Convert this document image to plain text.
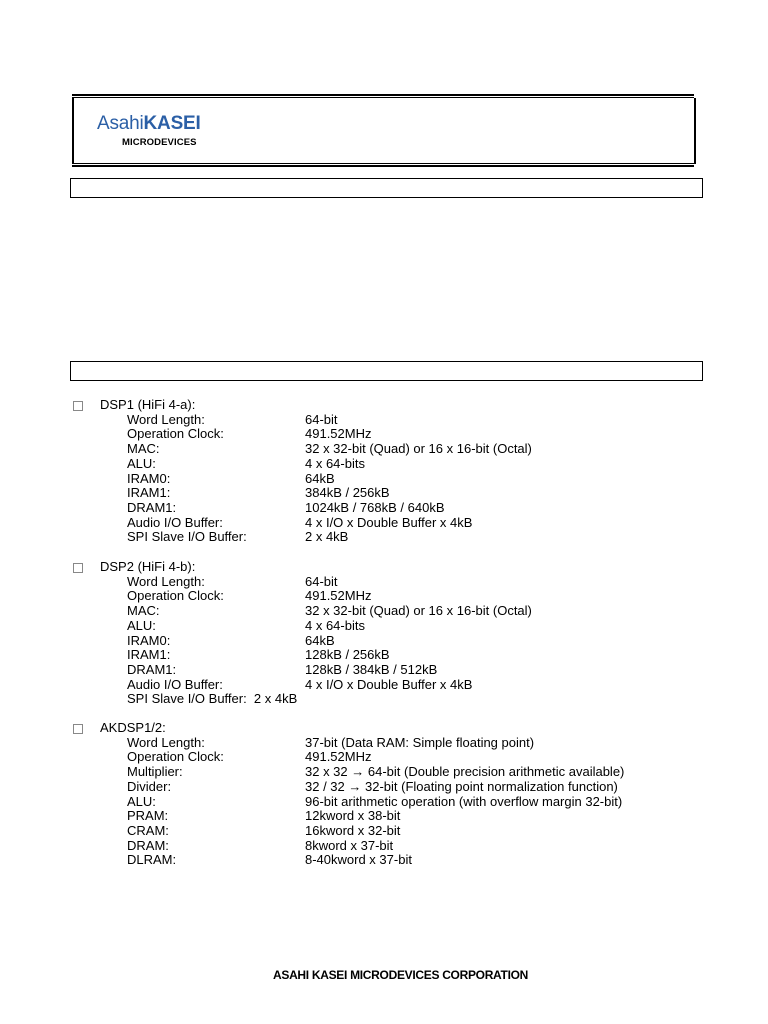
AsahiKASEI
MICRODEVICES
DSP1 (HiFi 4-a):
Word Length:	64-bit
Operation Clock:	491.52MHz
MAC:	32 x 32-bit (Quad) or 16 x 16-bit (Octal)
ALU:	4 x 64-bits
IRAM0:	64kB
IRAM1:	384kB / 256kB
DRAM1:	1024kB / 768kB / 640kB
Audio I/O Buffer:	4 x I/O x Double Buffer x 4kB
SPI Slave I/O Buffer:	2 x 4kB
DSP2 (HiFi 4-b):
Word Length:	64-bit
Operation Clock:	491.52MHz
MAC:	32 x 32-bit (Quad) or 16 x 16-bit (Octal)
ALU:	4 x 64-bits
IRAM0:	64kB
IRAM1:	128kB / 256kB
DRAM1:	128kB / 384kB / 512kB
Audio I/O Buffer:	4 x I/O x Double Buffer x 4kB
SPI Slave I/O Buffer:  2 x 4kB
AKDSP1/2:
Word Length:	37-bit (Data RAM: Simple floating point)
Operation Clock:	491.52MHz
Multiplier:	32 x 32 → 64-bit (Double precision arithmetic available)
Divider:	32 / 32 → 32-bit (Floating point normalization function)
ALU:	96-bit arithmetic operation (with overflow margin 32-bit)
PRAM:	12kword x 38-bit
CRAM:	16kword x 32-bit
DRAM:	8kword x 37-bit
DLRAM:	8-40kword x 37-bit
ASAHI KASEI MICRODEVICES CORPORATION
